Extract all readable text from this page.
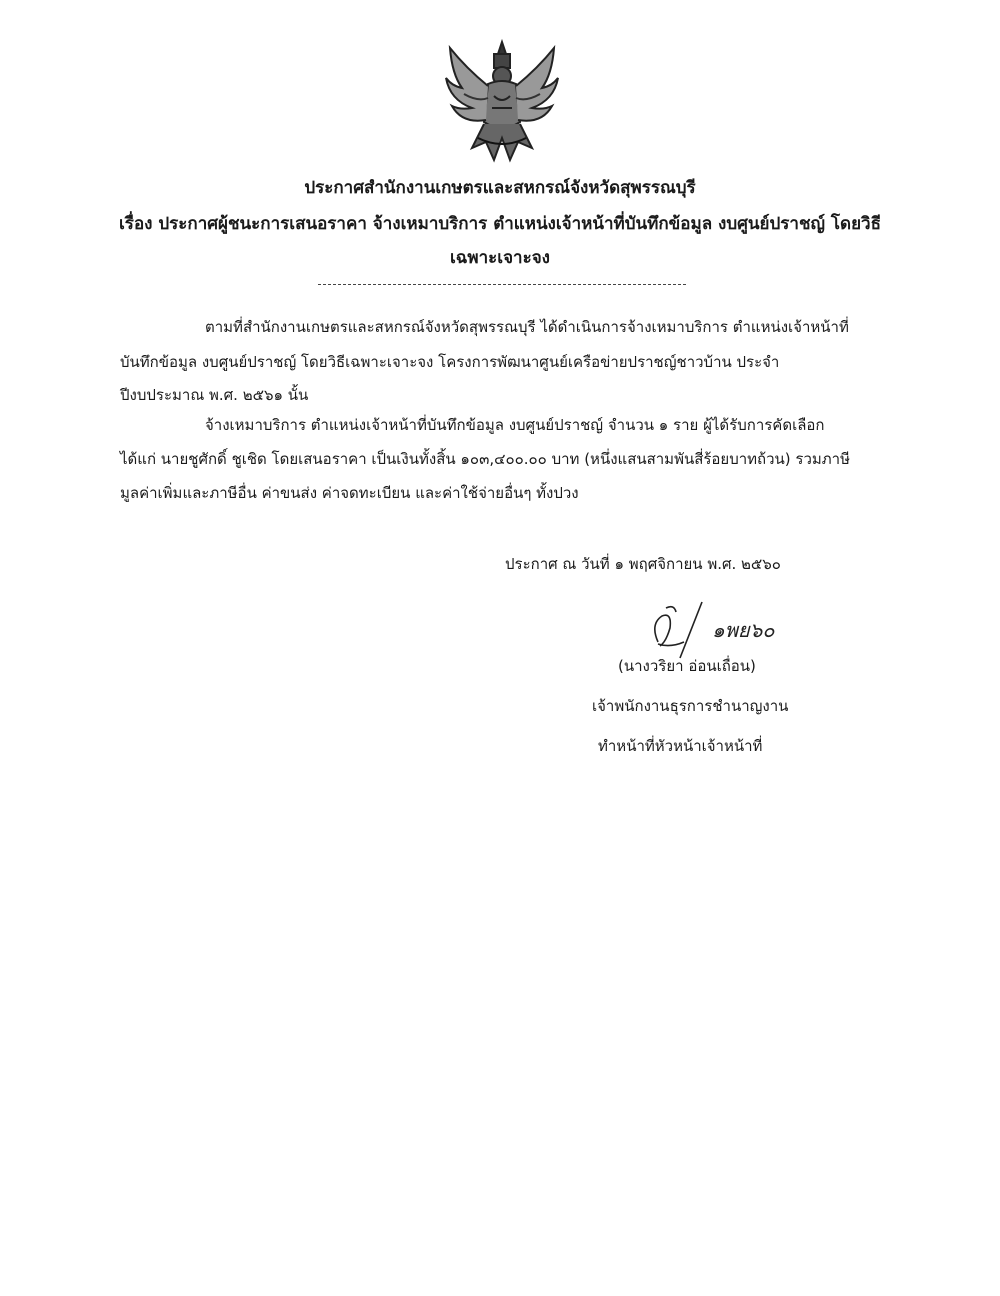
ประกาศสำนักงานเกษตรและสหกรณ์จังหวัดสุพรรณบุรี
เรื่อง ประกาศผู้ชนะการเสนอราคา จ้างเหมาบริการ ตำแหน่งเจ้าหน้าที่บันทึกข้อมูล งบศูนย์ปราชญ์ โดยวิธี
เฉพาะเจาะจง
ตามที่สำนักงานเกษตรและสหกรณ์จังหวัดสุพรรณบุรี ได้ดำเนินการจ้างเหมาบริการ ตำแหน่งเจ้าหน้าที่
บันทึกข้อมูล งบศูนย์ปราชญ์ โดยวิธีเฉพาะเจาะจง โครงการพัฒนาศูนย์เครือข่ายปราชญ์ชาวบ้าน ประจำ
ปีงบประมาณ พ.ศ. ๒๕๖๑ นั้น
จ้างเหมาบริการ ตำแหน่งเจ้าหน้าที่บันทึกข้อมูล งบศูนย์ปราชญ์ จำนวน ๑ ราย ผู้ได้รับการคัดเลือก
ได้แก่ นายชูศักดิ์ ชูเชิด โดยเสนอราคา เป็นเงินทั้งสิ้น ๑๐๓,๔๐๐.๐๐ บาท (หนึ่งแสนสามพันสี่ร้อยบาทถ้วน) รวมภาษี
มูลค่าเพิ่มและภาษีอื่น ค่าขนส่ง ค่าจดทะเบียน และค่าใช้จ่ายอื่นๆ ทั้งปวง
ประกาศ ณ วันที่ ๑ พฤศจิกายน พ.ศ. ๒๕๖๐
๑พย๖๐
(นางวริยา อ่อนเถื่อน)
เจ้าพนักงานธุรการชำนาญงาน
ทำหน้าที่หัวหน้าเจ้าหน้าที่
